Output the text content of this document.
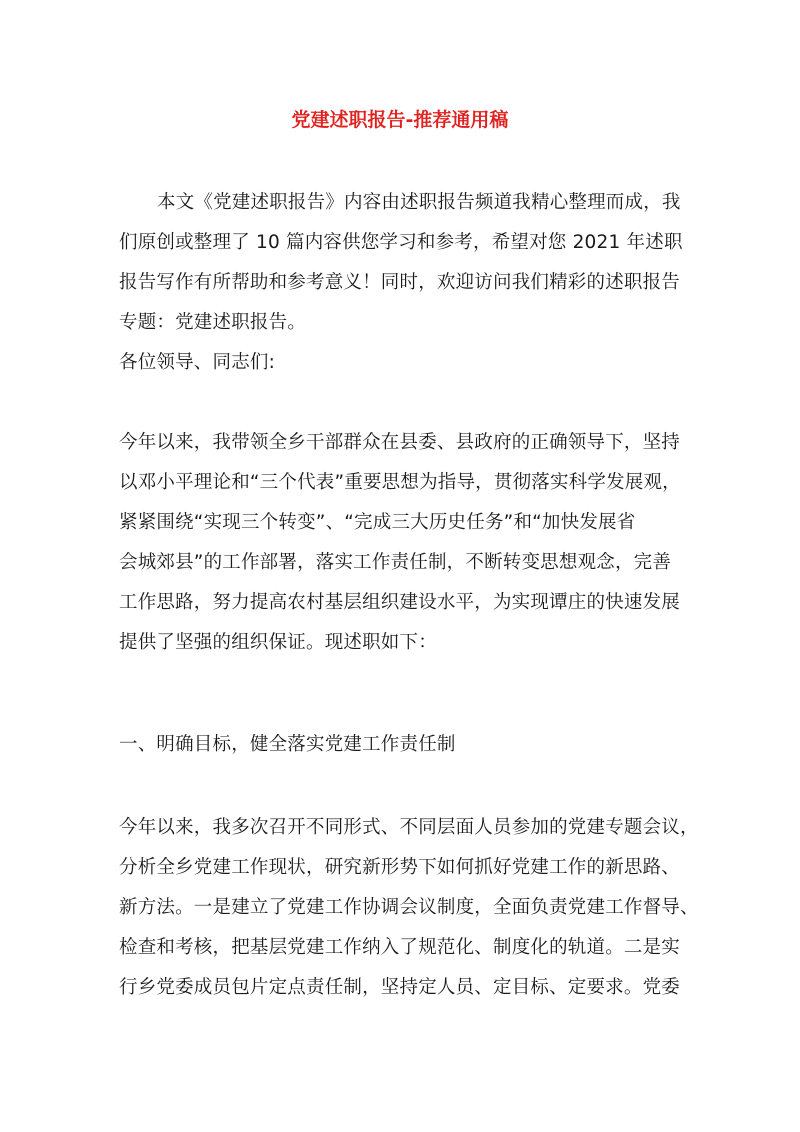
党建述职报告-推荐通用稿
本文《党建述职报告》内容由述职报告频道我精心整理而成，我
们原创或整理了 10 篇内容供您学习和参考，希望对您 2021 年述职
报告写作有所帮助和参考意义！同时，欢迎访问我们精彩的述职报告
专题：党建述职报告。
各位领导、同志们:
今年以来，我带领全乡干部群众在县委、县政府的正确领导下，坚持
以邓小平理论和“三个代表”重要思想为指导，贯彻落实科学发展观，
紧紧围绕“实现三个转变”、“完成三大历史任务”和“加快发展省
会城郊县”的工作部署，落实工作责任制，不断转变思想观念，完善
工作思路，努力提高农村基层组织建设水平，为实现谭庄的快速发展
提供了坚强的组织保证。现述职如下：
一、明确目标，健全落实党建工作责任制
今年以来，我多次召开不同形式、不同层面人员参加的党建专题会议，
分析全乡党建工作现状，研究新形势下如何抓好党建工作的新思路、
新方法。一是建立了党建工作协调会议制度，全面负责党建工作督导、
检查和考核，把基层党建工作纳入了规范化、制度化的轨道。二是实
行乡党委成员包片定点责任制，坚持定人员、定目标、定要求。党委
